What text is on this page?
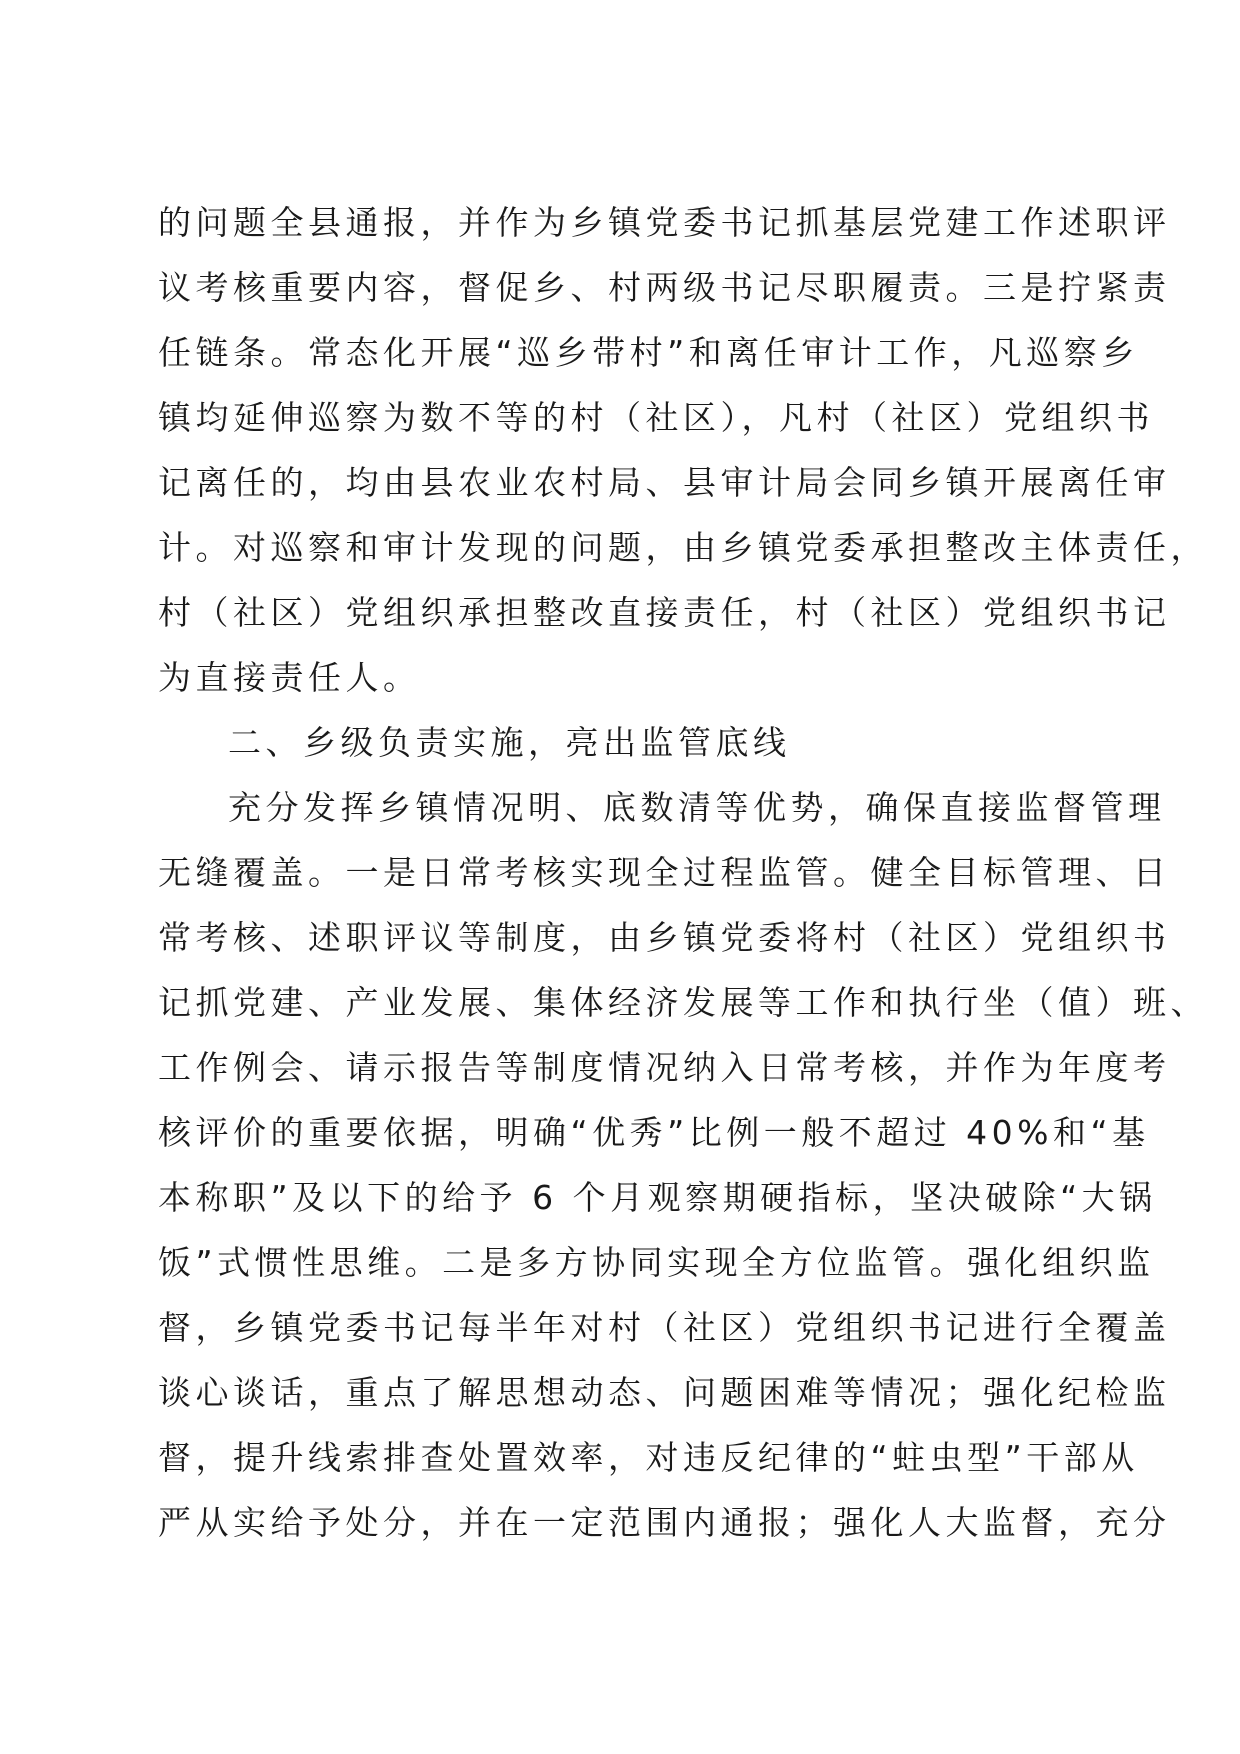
的问题全县通报，并作为乡镇党委书记抓基层党建工作述职评
议考核重要内容，督促乡、村两级书记尽职履责。三是拧紧责
任链条。常态化开展“巡乡带村”和离任审计工作，凡巡察乡
镇均延伸巡察为数不等的村（社区），凡村（社区）党组织书
记离任的，均由县农业农村局、县审计局会同乡镇开展离任审
计。对巡察和审计发现的问题，由乡镇党委承担整改主体责任，
村（社区）党组织承担整改直接责任，村（社区）党组织书记
为直接责任人。
二、乡级负责实施，亮出监管底线
充分发挥乡镇情况明、底数清等优势，确保直接监督管理
无缝覆盖。一是日常考核实现全过程监管。健全目标管理、日
常考核、述职评议等制度，由乡镇党委将村（社区）党组织书
记抓党建、产业发展、集体经济发展等工作和执行坐（值）班、
工作例会、请示报告等制度情况纳入日常考核，并作为年度考
核评价的重要依据，明确“优秀”比例一般不超过 40%和“基
本称职”及以下的给予 6 个月观察期硬指标，坚决破除“大锅
饭”式惯性思维。二是多方协同实现全方位监管。强化组织监
督，乡镇党委书记每半年对村（社区）党组织书记进行全覆盖
谈心谈话，重点了解思想动态、问题困难等情况；强化纪检监
督，提升线索排查处置效率，对违反纪律的“蛀虫型”干部从
严从实给予处分，并在一定范围内通报；强化人大监督，充分
